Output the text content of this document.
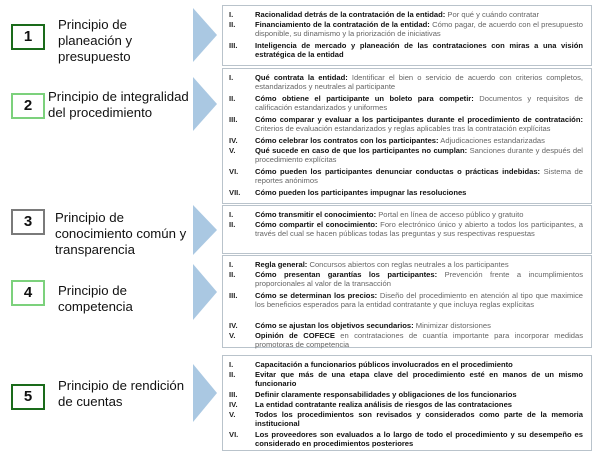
1
Principio de planeación y presupuesto
I.	Racionalidad detrás de la contratación de la entidad: Por qué y cuándo contratar
II.	Financiamiento de la contratación de la entidad: Cómo pagar, de acuerdo con el presupuesto disponible, su dinamismo y la priorización de iniciativas
III. Inteligencia de mercado y planeación de las contrataciones con miras a una visión estratégica de la entidad
2
Principio de integralidad del procedimiento
I.	Qué contrata la entidad: Identificar el bien o servicio de acuerdo con criterios completos, estandarizados y neutrales al participante
II.	Cómo obtiene el participante un boleto para competir: Documentos y requisitos de calificación estandarizados y uniformes
III. Cómo comparar y evaluar a los participantes durante el procedimiento de contratación: Criterios de evaluación estandarizados y reglas aplicables tras la contratación explícitas
IV. Cómo celebrar los contratos con los participantes: Adjudicaciones estandarizadas
V.	Qué sucede en caso de que los participantes no cumplan: Sanciones durante y después del procedimiento explícitas
VI. Cómo pueden los participantes denunciar conductas o prácticas indebidas: Sistema de reportes anónimos
VII. Cómo pueden los participantes impugnar las resoluciones
3	Principio de conocimiento común y transparencia
I.	Cómo transmitir el conocimiento: Portal en línea de acceso público y gratuito
II.	Cómo compartir el conocimiento: Foro electrónico único y abierto a todos los participantes, a través del cual se hacen públicas todas las preguntas y sus respectivas respuestas
4	Principio de competencia
I.	Regla general: Concursos abiertos con reglas neutrales a los participantes
II.	Cómo presentan garantías los participantes: Prevención frente a incumplimientos proporcionales al valor de la transacción
III. Cómo se determinan los precios: Diseño del procedimiento en atención al tipo que maximice los beneficios esperados para la entidad contratante y que incluya reglas explícitas
IV. Cómo se ajustan los objetivos secundarios: Minimizar distorsiones
V.	Opinión de COFECE en contrataciones de cuantía importante para incorporar medidas promotoras de competencia
5
Principio de rendición de cuentas
I.	Capacitación a funcionarios públicos involucrados en el procedimiento
II.	Evitar que más de una etapa clave del procedimiento esté en manos de un mismo funcionario
III. Definir claramente responsabilidades y obligaciones de los funcionarios
IV. La entidad contratante realiza análisis de riesgos de las contrataciones
V.	Todos los procedimientos son revisados y considerados como parte de la memoria institucional
VI. Los proveedores son evaluados a lo largo de todo el procedimiento y su desempeño es considerado en procedimientos posteriores
